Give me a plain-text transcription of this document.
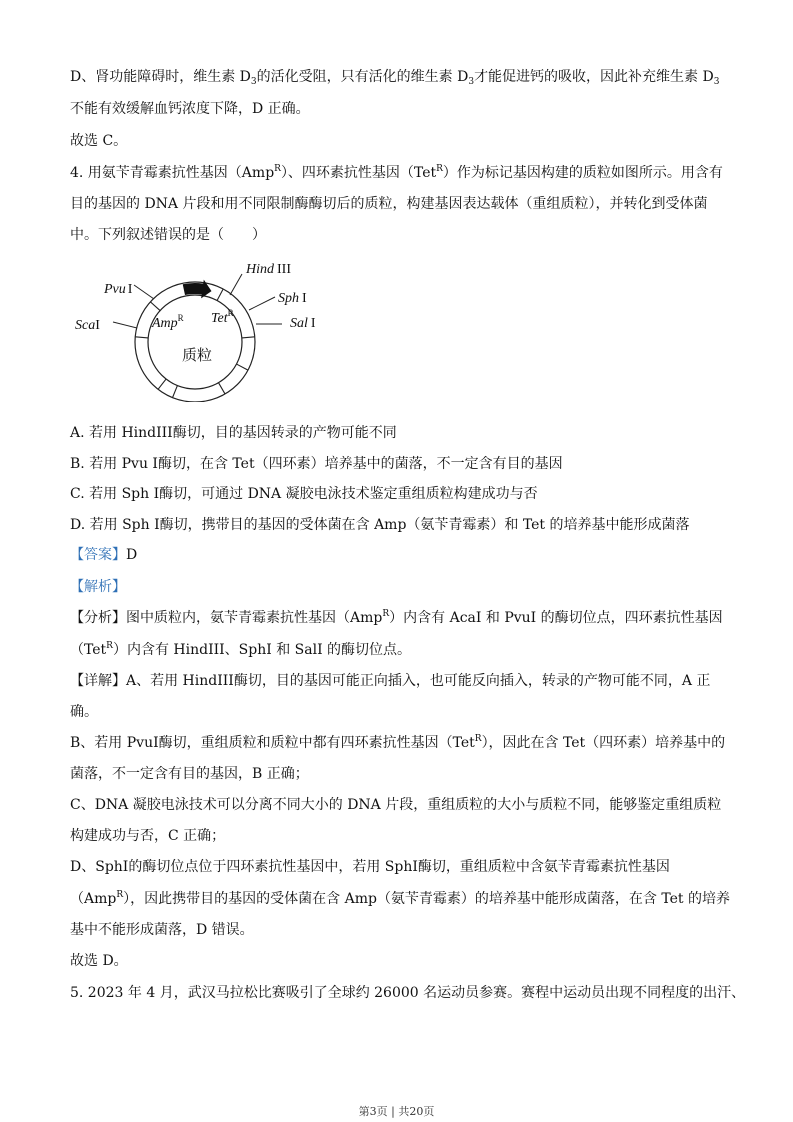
D、肾功能障碍时，维生素 $D_3$的活化受阻，只有活化的维生素 $D_3$才能促进钙的吸收，因此补充维生素 $D_3$
不能有效缓解血钙浓度下降，D 正确。
故选 C。
4. 用氨苄青霉素抗性基因（Amp$^R$）、四环素抗性基因（Tet$^R$）作为标记基因构建的质粒如图所示。用含有
目的基因的 DNA 片段和用不同限制酶酶切后的质粒，构建基因表达载体（重组质粒），并转化到受体菌
中。下列叙述错误的是（　　）
A. 若用 HindIII酶切，目的基因转录的产物可能不同
B. 若用 Pvu Ⅰ酶切，在含 Tet（四环素）培养基中的菌落，不一定含有目的基因
C. 若用 Sph Ⅰ酶切，可通过 DNA 凝胶电泳技术鉴定重组质粒构建成功与否
D. 若用 Sph Ⅰ酶切，携带目的基因的受体菌在含 Amp（氨苄青霉素）和 Tet 的培养基中能形成菌落
【答案】D
【解析】
【分析】图中质粒内，氨苄青霉素抗性基因（Amp$^R$）内含有 AcaI 和 PvuI 的酶切位点，四环素抗性基因
（Tet$^R$）内含有 HindIII、SphI 和 SalI 的酶切位点。
【详解】A、若用 HindIII酶切，目的基因可能正向插入，也可能反向插入，转录的产物可能不同，A 正
确。
B、若用 PvuI酶切，重组质粒和质粒中都有四环素抗性基因（Tet$^R$），因此在含 Tet（四环素）培养基中的
菌落，不一定含有目的基因，B 正确；
C、DNA 凝胶电泳技术可以分离不同大小的 DNA 片段，重组质粒的大小与质粒不同，能够鉴定重组质粒
构建成功与否，C 正确；
D、SphI的酶切位点位于四环素抗性基因中，若用 SphI酶切，重组质粒中含氨苄青霉素抗性基因
（Amp$^R$），因此携带目的基因的受体菌在含 Amp（氨苄青霉素）的培养基中能形成菌落，在含 Tet 的培养
基中不能形成菌落，D 错误。
故选 D。
5. 2023 年 4 月，武汉马拉松比赛吸引了全球约 26000 名运动员参赛。赛程中运动员出现不同程度的出汗、
Pvu I
ScaI
Hind III
Sph I
Sal I
Amp$^R$ Tet$^R$
质粒
第3页 | 共20页
